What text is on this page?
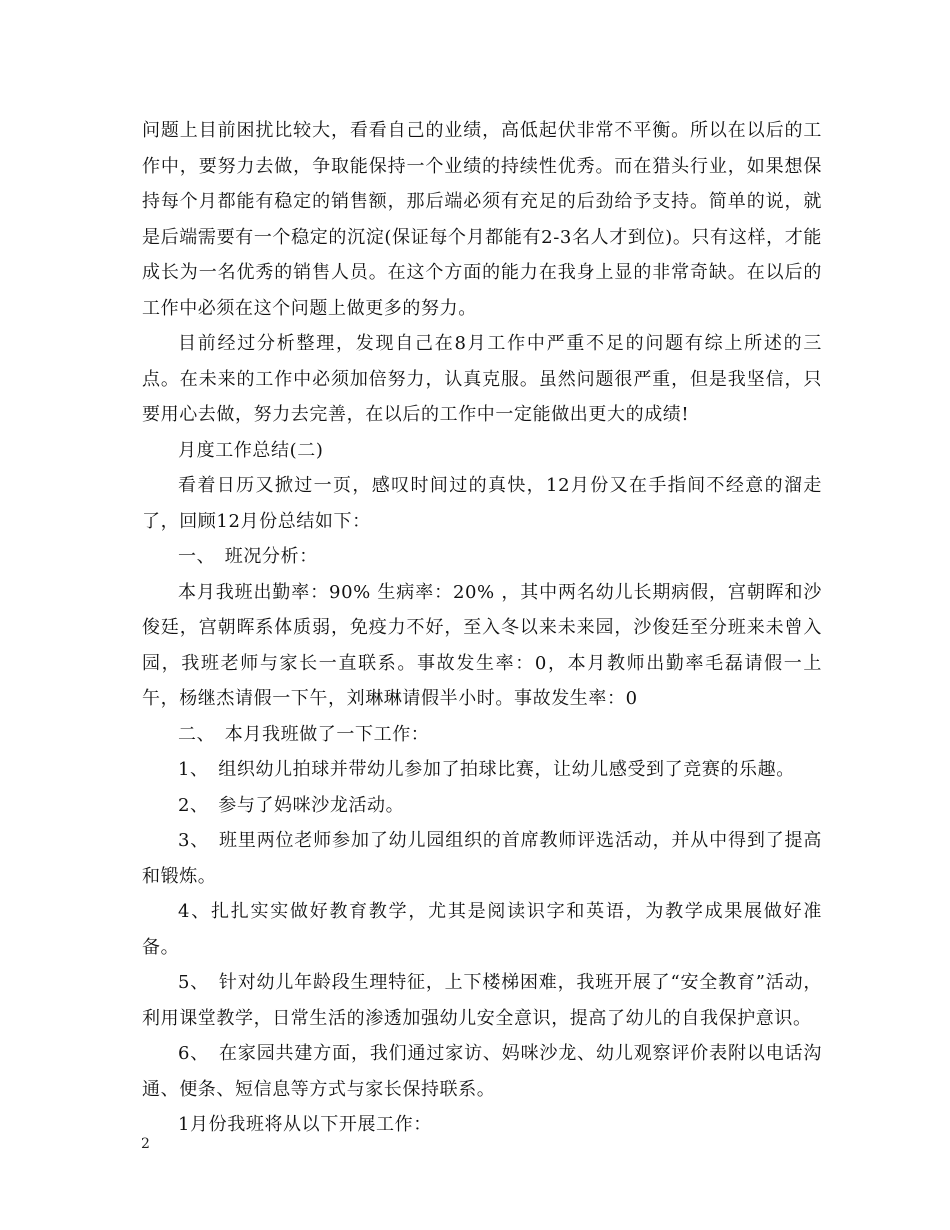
问题上目前困扰比较大，看看自己的业绩，高低起伏非常不平衡。所以在以后的工作中，要努力去做，争取能保持一个业绩的持续性优秀。而在猎头行业，如果想保持每个月都能有稳定的销售额，那后端必须有充足的后劲给予支持。简单的说，就是后端需要有一个稳定的沉淀(保证每个月都能有2-3名人才到位)。只有这样，才能成长为一名优秀的销售人员。在这个方面的能力在我身上显的非常奇缺。在以后的工作中必须在这个问题上做更多的努力。

目前经过分析整理，发现自己在8月工作中严重不足的问题有综上所述的三点。在未来的工作中必须加倍努力，认真克服。虽然问题很严重，但是我坚信，只要用心去做，努力去完善，在以后的工作中一定能做出更大的成绩!

月度工作总结(二)

看着日历又掀过一页，感叹时间过的真快，12月份又在手指间不经意的溜走了，回顾12月份总结如下：

一、　班况分析：

本月我班出勤率：90% 生病率：20% ，其中两名幼儿长期病假，宫朝晖和沙俊廷，宫朝晖系体质弱，免疫力不好，至入冬以来未来园，沙俊廷至分班来未曾入园，我班老师与家长一直联系。事故发生率：0，本月教师出勤率毛磊请假一上午，杨继杰请假一下午，刘琳琳请假半小时。事故发生率：0

二、　本月我班做了一下工作：

1、　组织幼儿拍球并带幼儿参加了拍球比赛，让幼儿感受到了竞赛的乐趣。

2、　参与了妈咪沙龙活动。

3、　班里两位老师参加了幼儿园组织的首席教师评选活动，并从中得到了提高和锻炼。

4、扎扎实实做好教育教学，尤其是阅读识字和英语，为教学成果展做好准备。

5、　针对幼儿年龄段生理特征，上下楼梯困难，我班开展了“安全教育”活动，利用课堂教学，日常生活的渗透加强幼儿安全意识，提高了幼儿的自我保护意识。

6、　在家园共建方面，我们通过家访、妈咪沙龙、幼儿观察评价表附以电话沟通、便条、短信息等方式与家长保持联系。

1月份我班将从以下开展工作：

2
